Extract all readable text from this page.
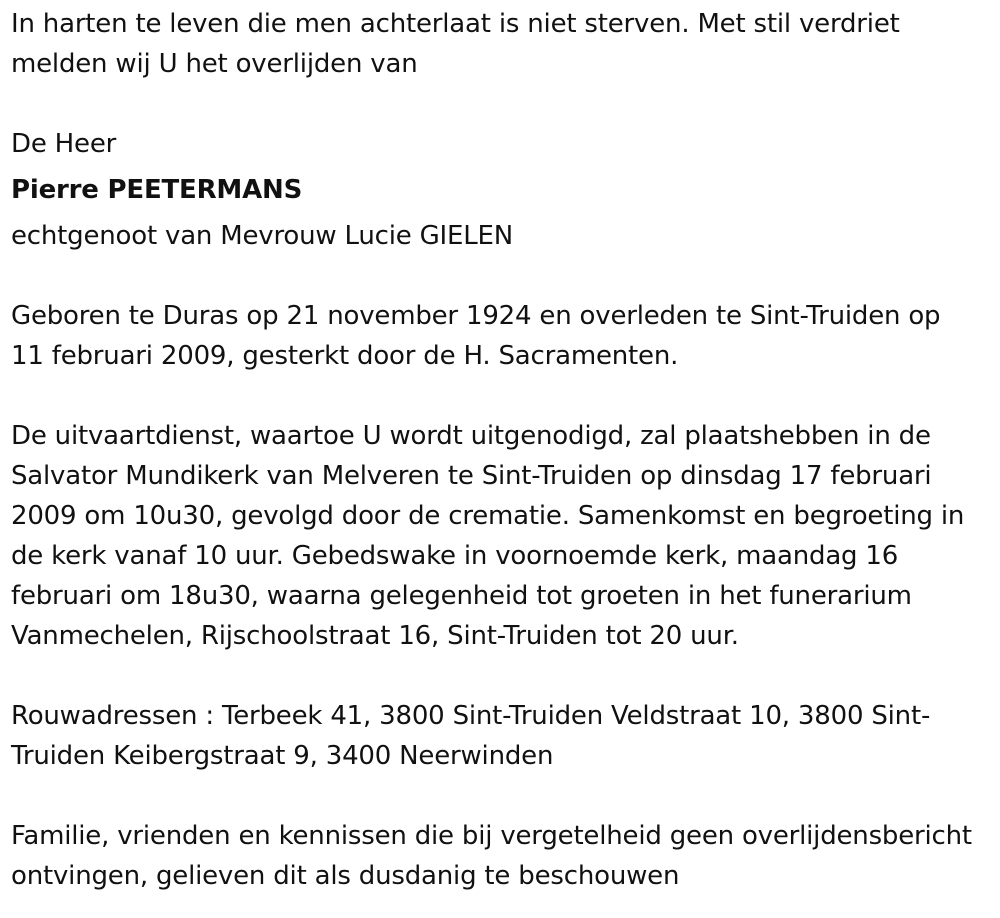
In harten te leven die men achterlaat is niet sterven. Met stil verdriet melden wij U het overlijden van

De Heer

Pierre PEETERMANS

echtgenoot van Mevrouw Lucie GIELEN

Geboren te Duras op 21 november 1924 en overleden te Sint-Truiden op 11 februari 2009, gesterkt door de H. Sacramenten.

De uitvaartdienst, waartoe U wordt uitgenodigd, zal plaatshebben in de Salvator Mundikerk van Melveren te Sint-Truiden op dinsdag 17 februari 2009 om 10u30, gevolgd door de crematie. Samenkomst en begroeting in de kerk vanaf 10 uur. Gebedswake in voornoemde kerk, maandag 16 februari om 18u30, waarna gelegenheid tot groeten in het funerarium Vanmechelen, Rijschoolstraat 16, Sint-Truiden tot 20 uur.

Rouwadressen : Terbeek 41, 3800 Sint-Truiden Veldstraat 10, 3800 Sint-Truiden Keibergstraat 9, 3400 Neerwinden

Familie, vrienden en kennissen die bij vergetelheid geen overlijdensbericht ontvingen, gelieven dit als dusdanig te beschouwen
